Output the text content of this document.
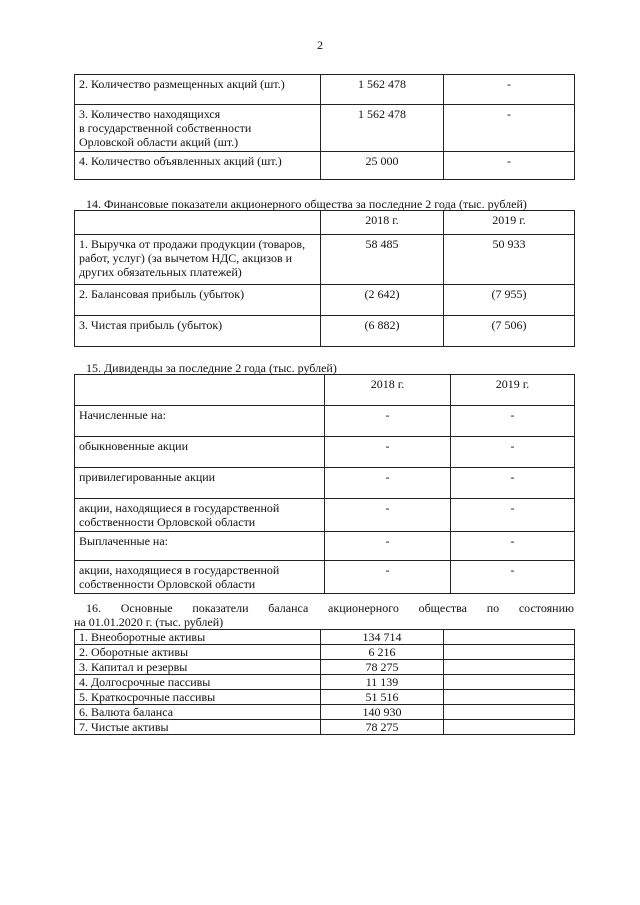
2
2. Количество размещенных акций (шт.)	1 562 478	-
3. Количество находящихся
в государственной собственности
Орловской области акций (шт.)	1 562 478	-
4. Количество объявленных акций (шт.)	25 000	-
14. Финансовые показатели акционерного общества за последние 2 года (тыс. рублей)
	2018 г.	2019 г.
1. Выручка от продажи продукции (товаров, работ, услуг) (за вычетом НДС, акцизов и других обязательных платежей)	58 485	50 933
2. Балансовая прибыль (убыток)	(2 642)	(7 955)
3. Чистая прибыль (убыток)	(6 882)	(7 506)
15. Дивиденды за последние 2 года (тыс. рублей)
	2018 г.	2019 г.
Начисленные на:	-	-
обыкновенные акции	-	-
привилегированные акции	-	-
акции, находящиеся в государственной собственности Орловской области	-	-
Выплаченные на:	-	-
акции, находящиеся в государственной собственности Орловской области	-	-
16. Основные показатели баланса акционерного общества по состоянию
на 01.01.2020 г. (тыс. рублей)
1. Внеоборотные активы	134 714	
2. Оборотные активы	6 216	
3. Капитал и резервы	78 275	
4. Долгосрочные пассивы	11 139	
5. Краткосрочные пассивы	51 516	
6. Валюта баланса	140 930	
7. Чистые активы	78 275	
